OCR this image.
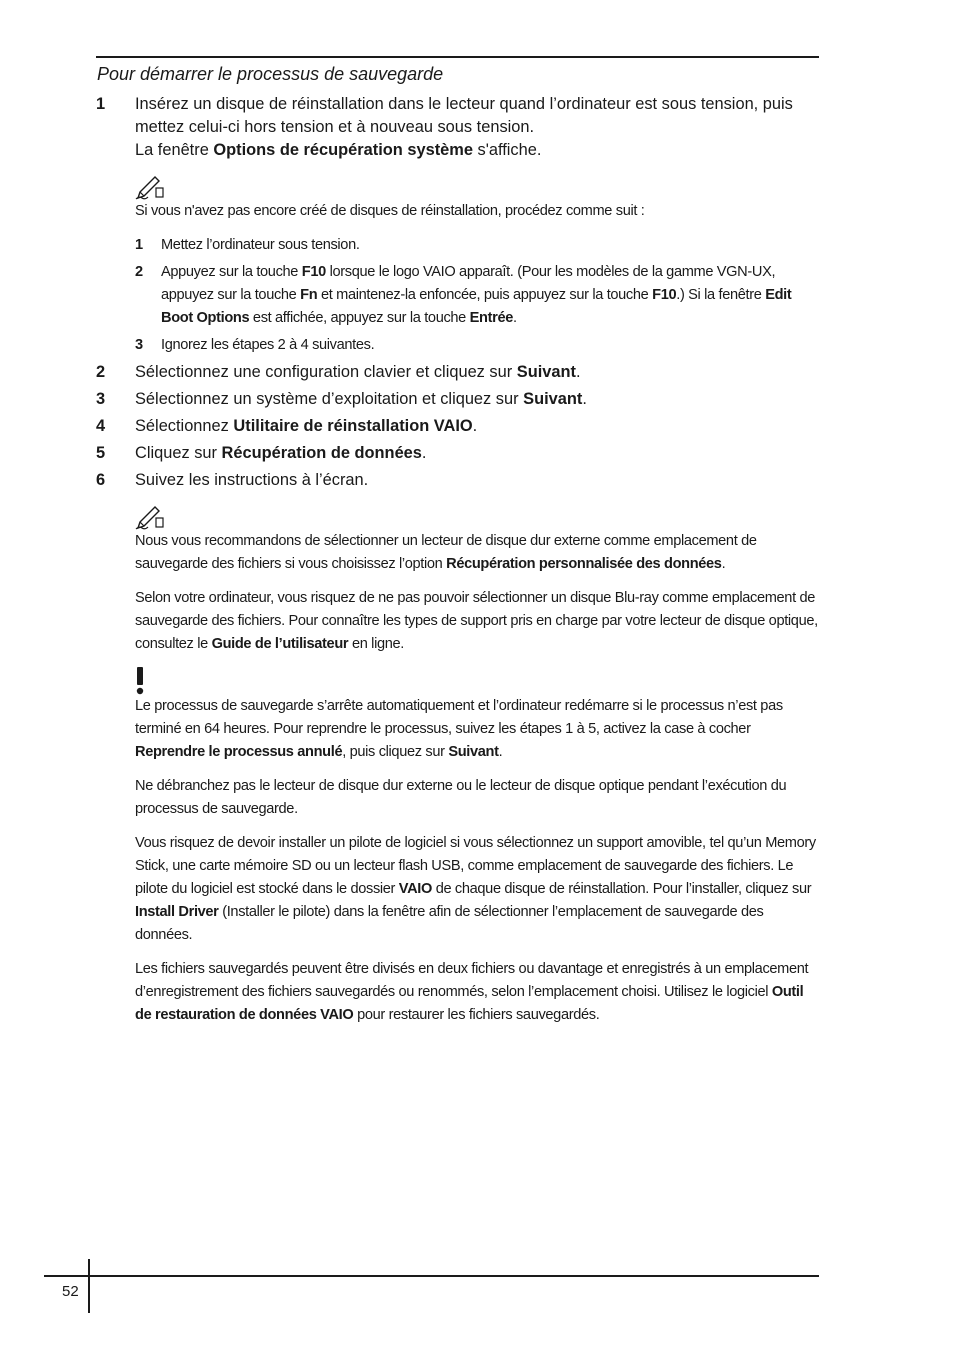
Pour démarrer le processus de sauvegarde
1	Insérez un disque de réinstallation dans le lecteur quand l’ordinateur est sous tension, puis mettez celui-ci hors tension et à nouveau sous tension.
La fenêtre Options de récupération système s'affiche.

Si vous n'avez pas encore créé de disques de réinstallation, procédez comme suit :

1	Mettez l’ordinateur sous tension.
2	Appuyez sur la touche F10 lorsque le logo VAIO apparaît. (Pour les modèles de la gamme VGN-UX, appuyez sur la touche Fn et maintenez-la enfoncée, puis appuyez sur la touche F10.) Si la fenêtre Edit Boot Options est affichée, appuyez sur la touche Entrée.
3	Ignorez les étapes 2 à 4 suivantes.
2	Sélectionnez une configuration clavier et cliquez sur Suivant.
3	Sélectionnez un système d’exploitation et cliquez sur Suivant.
4	Sélectionnez Utilitaire de réinstallation VAIO.
5	Cliquez sur Récupération de données.
6	Suivez les instructions à l’écran.

Nous vous recommandons de sélectionner un lecteur de disque dur externe comme emplacement de sauvegarde des fichiers si vous choisissez l’option Récupération personnalisée des données.

Selon votre ordinateur, vous risquez de ne pas pouvoir sélectionner un disque Blu-ray comme emplacement de sauvegarde des fichiers. Pour connaître les types de support pris en charge par votre lecteur de disque optique, consultez le Guide de l’utilisateur en ligne.

Le processus de sauvegarde s’arrête automatiquement et l’ordinateur redémarre si le processus n’est pas terminé en 64 heures. Pour reprendre le processus, suivez les étapes 1 à 5, activez la case à cocher Reprendre le processus annulé, puis cliquez sur Suivant.

Ne débranchez pas le lecteur de disque dur externe ou le lecteur de disque optique pendant l’exécution du processus de sauvegarde.

Vous risquez de devoir installer un pilote de logiciel si vous sélectionnez un support amovible, tel qu’un Memory Stick, une carte mémoire SD ou un lecteur flash USB, comme emplacement de sauvegarde des fichiers. Le pilote du logiciel est stocké dans le dossier VAIO de chaque disque de réinstallation. Pour l’installer, cliquez sur Install Driver (Installer le pilote) dans la fenêtre afin de sélectionner l’emplacement de sauvegarde des données.

Les fichiers sauvegardés peuvent être divisés en deux fichiers ou davantage et enregistrés à un emplacement d’enregistrement des fichiers sauvegardés ou renommés, selon l’emplacement choisi. Utilisez le logiciel Outil de restauration de données VAIO pour restaurer les fichiers sauvegardés.

52
